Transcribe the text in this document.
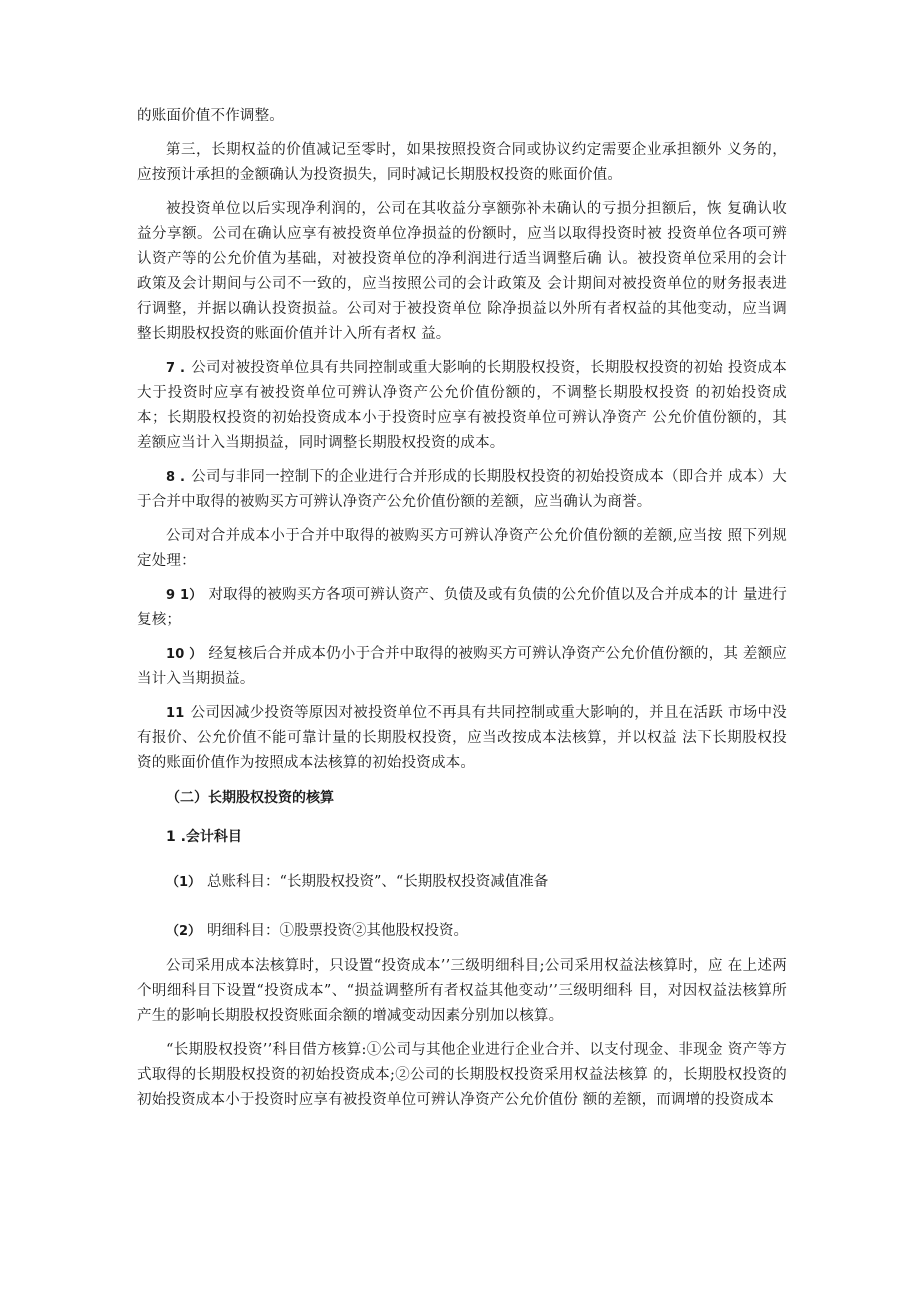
的账面价值不作调整。

第三，长期权益的价值减记至零时，如果按照投资合同或协议约定需要企业承担额外 义务的，应按预计承担的金额确认为投资损失，同时减记长期股权投资的账面价值。

被投资单位以后实现净利润的，公司在其收益分享额弥补未确认的亏损分担额后，恢 复确认收益分享额。公司在确认应享有被投资单位净损益的份额时，应当以取得投资时被 投资单位各项可辨认资产等的公允价值为基础，对被投资单位的净利润进行适当调整后确 认。被投资单位采用的会计政策及会计期间与公司不一致的，应当按照公司的会计政策及 会计期间对被投资单位的财务报表进行调整，并据以确认投资损益。公司对于被投资单位 除净损益以外所有者权益的其他变动，应当调整长期股权投资的账面价值并计入所有者权 益。

7 . 公司对被投资单位具有共同控制或重大影响的长期股权投资，长期股权投资的初始 投资成本大于投资时应享有被投资单位可辨认净资产公允价值份额的，不调整长期股权投资 的初始投资成本；长期股权投资的初始投资成本小于投资时应享有被投资单位可辨认净资产 公允价值份额的，其差额应当计入当期损益，同时调整长期股权投资的成本。

8 . 公司与非同一控制下的企业进行合并形成的长期股权投资的初始投资成本（即合并 成本）大于合并中取得的被购买方可辨认净资产公允价值份额的差额，应当确认为商誉。

公司对合并成本小于合并中取得的被购买方可辨认净资产公允价值份额的差额,应当按 照下列规定处理：

9 1） 对取得的被购买方各项可辨认资产、负债及或有负债的公允价值以及合并成本的计 量进行复核；

10 ） 经复核后合并成本仍小于合并中取得的被购买方可辨认净资产公允价值份额的，其 差额应当计入当期损益。

11 公司因减少投资等原因对被投资单位不再具有共同控制或重大影响的，并且在活跃 市场中没有报价、公允价值不能可靠计量的长期股权投资，应当改按成本法核算，并以权益 法下长期股权投资的账面价值作为按照成本法核算的初始投资成本。

（二）长期股权投资的核算
1 .会计科目
（1） 总账科目：“长期股权投资”、“长期股权投资减值准备
（2） 明细科目：①股票投资②其他股权投资。

公司采用成本法核算时，只设置“投资成本’’三级明细科目;公司采用权益法核算时，应 在上述两个明细科目下设置“投资成本”、“损益调整所有者权益其他变动’’三级明细科 目，对因权益法核算所产生的影响长期股权投资账面余额的增减变动因素分别加以核算。

“长期股权投资’’科目借方核算:①公司与其他企业进行企业合并、以支付现金、非现金 资产等方式取得的长期股权投资的初始投资成本;②公司的长期股权投资采用权益法核算 的，长期股权投资的初始投资成本小于投资时应享有被投资单位可辨认净资产公允价值份 额的差额，而调增的投资成本
